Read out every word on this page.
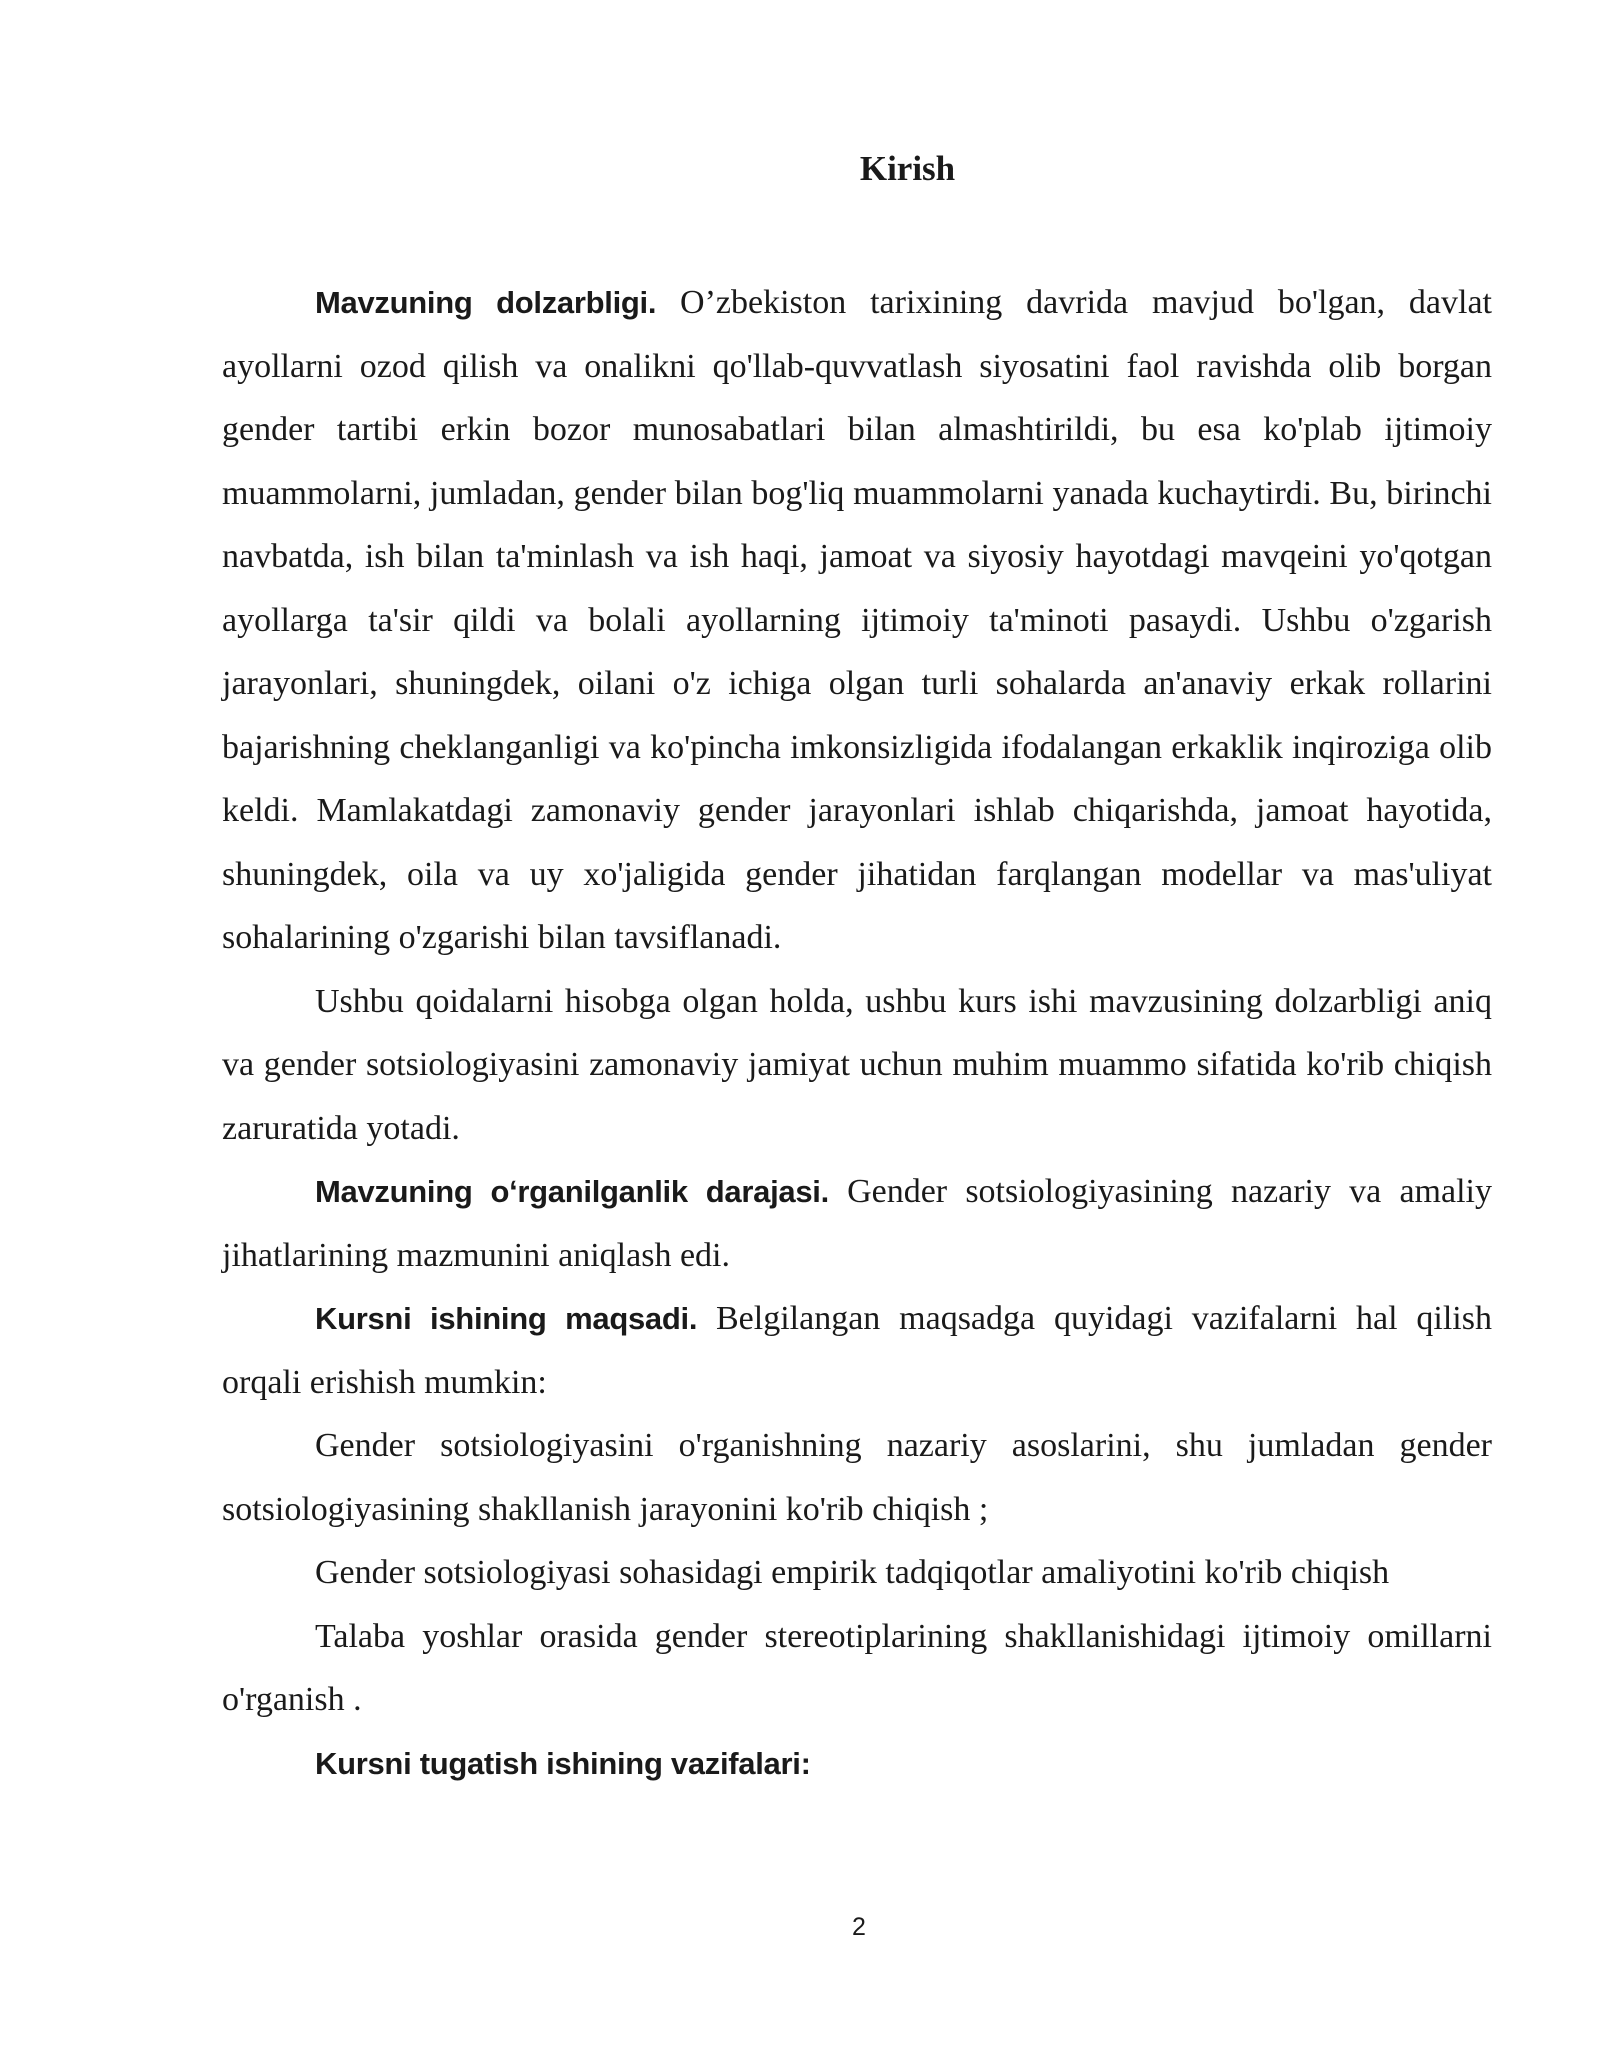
Kirish

Mavzuning dolzarbligi. O’zbekiston tarixining davrida mavjud bo'lgan, davlat ayollarni ozod qilish va onalikni qo'llab-quvvatlash siyosatini faol ravishda olib borgan gender tartibi erkin bozor munosabatlari bilan almashtirildi, bu esa ko'plab ijtimoiy muammolarni, jumladan, gender bilan bog'liq muammolarni yanada kuchaytirdi. Bu, birinchi navbatda, ish bilan ta'minlash va ish haqi, jamoat va siyosiy hayotdagi mavqeini yo'qotgan ayollarga ta'sir qildi va bolali ayollarning ijtimoiy ta'minoti pasaydi. Ushbu o'zgarish jarayonlari, shuningdek, oilani o'z ichiga olgan turli sohalarda an'anaviy erkak rollarini bajarishning cheklanganligi va ko'pincha imkonsizligida ifodalangan erkaklik inqiroziga olib keldi. Mamlakatdagi zamonaviy gender jarayonlari ishlab chiqarishda, jamoat hayotida, shuningdek, oila va uy xo'jaligida gender jihatidan farqlangan modellar va mas'uliyat sohalarining o'zgarishi bilan tavsiflanadi.

Ushbu qoidalarni hisobga olgan holda, ushbu kurs ishi mavzusining dolzarbligi aniq va gender sotsiologiyasini zamonaviy jamiyat uchun muhim muammo sifatida ko'rib chiqish zaruratida yotadi.

Mavzuning oʻrganilganlik darajasi. Gender sotsiologiyasining nazariy va amaliy jihatlarining mazmunini aniqlash edi.

Kursni ishining maqsadi. Belgilangan maqsadga quyidagi vazifalarni hal qilish orqali erishish mumkin:

Gender sotsiologiyasini o'rganishning nazariy asoslarini, shu jumladan gender sotsiologiyasining shakllanish jarayonini ko'rib chiqish ;

Gender sotsiologiyasi sohasidagi empirik tadqiqotlar amaliyotini ko'rib chiqish

Talaba yoshlar orasida gender stereotiplarining shakllanishidagi ijtimoiy omillarni o'rganish .

Kursni tugatish ishining vazifalari:

2
